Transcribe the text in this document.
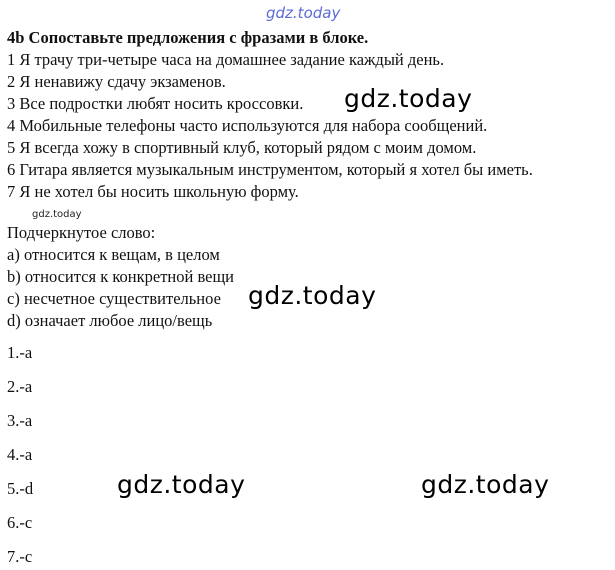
gdz.today
4b Сопоставьте предложения с фразами в блоке.
1 Я трачу три-четыре часа на домашнее задание каждый день.
2 Я ненавижу сдачу экзаменов.
3 Все подростки любят носить кроссовки. gdz.today
4 Мобильные телефоны часто используются для набора сообщений.
5 Я всегда хожу в спортивный клуб, который рядом с моим домом.
6 Гитара является музыкальным инструментом, который я хотел бы иметь.
7 Я не хотел бы носить школьную форму.
gdz.today
Подчеркнутое слово:
a) относится к вещам, в целом
b) относится к конкретной вещи
c) несчетное существительное gdz.today
d) означает любое лицо/вещь
1.-a
2.-a
3.-a
4.-a
5.-d	gdz.today	gdz.today
6.-c
7.-c
